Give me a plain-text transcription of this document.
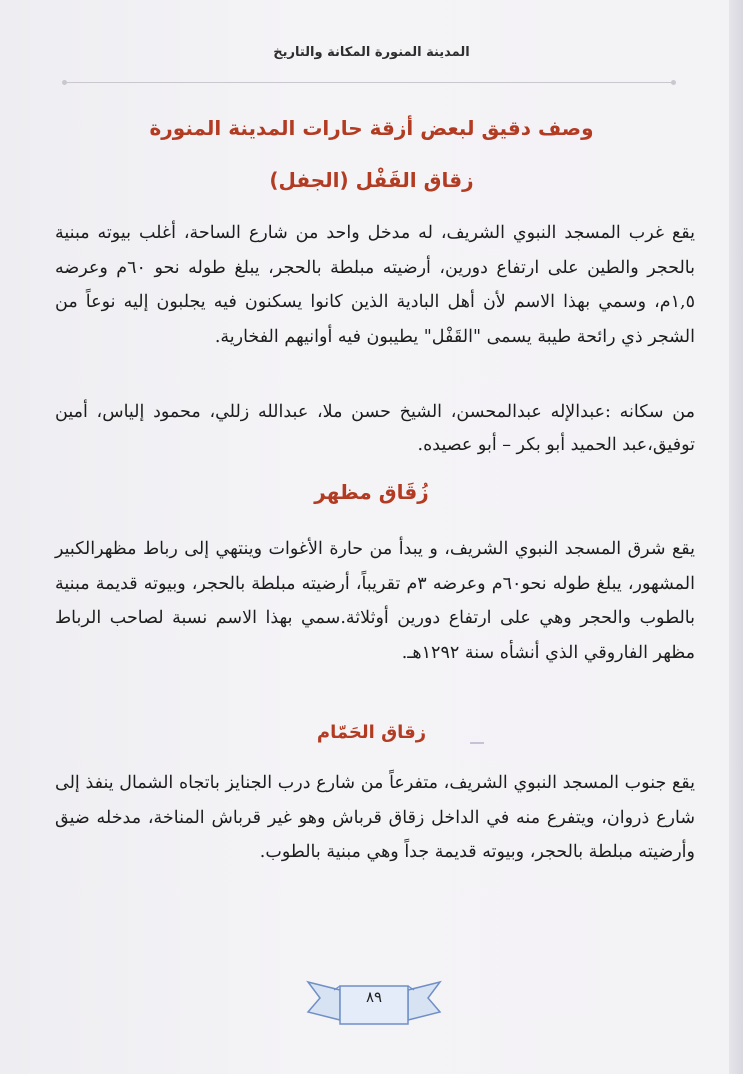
المدينة المنورة المكانة والتاريخ
وصف دقيق لبعض أزقة حارات المدينة المنورة
زقاق القَفْل (الجفل)
يقع غرب المسجد النبوي الشريف، له مدخل واحد من شارع الساحة، أغلب بيوته مبنية بالحجر والطين على ارتفاع دورين، أرضيته مبلطة بالحجر، يبلغ طوله نحو ٦٠م وعرضه ١,٥م، وسمي بهذا الاسم لأن أهل البادية الذين كانوا يسكنون فيه يجلبون إليه نوعاً من الشجر ذي رائحة طيبة يسمى "القَفْل" يطيبون فيه أوانيهم الفخارية.
من سكانه :عبدالإله عبدالمحسن، الشيخ حسن ملا، عبدالله زللي، محمود إلياس، أمين توفيق،عبد الحميد أبو بكر – أبو عصيده.
زُقَاق مظهر
يقع شرق المسجد النبوي الشريف، و يبدأ من حارة الأغوات وينتهي إلى رباط مظهرالكبير المشهور، يبلغ طوله نحو٦٠م وعرضه ٣م تقريباً، أرضيته مبلطة بالحجر، وبيوته قديمة مبنية بالطوب والحجر وهي على ارتفاع دورين أوثلاثة.سمي بهذا الاسم نسبة لصاحب الرباط مظهر الفاروقي الذي أنشأه سنة ١٢٩٢هـ.
زقاق الحَمّام
يقع جنوب المسجد النبوي الشريف، متفرعاً من شارع درب الجنايز باتجاه الشمال ينفذ إلى شارع ذروان، ويتفرع منه في الداخل زقاق قرباش وهو غير قرباش المناخة، مدخله ضيق وأرضيته مبلطة بالحجر، وبيوته قديمة جداً وهي مبنية بالطوب.
٨٩
